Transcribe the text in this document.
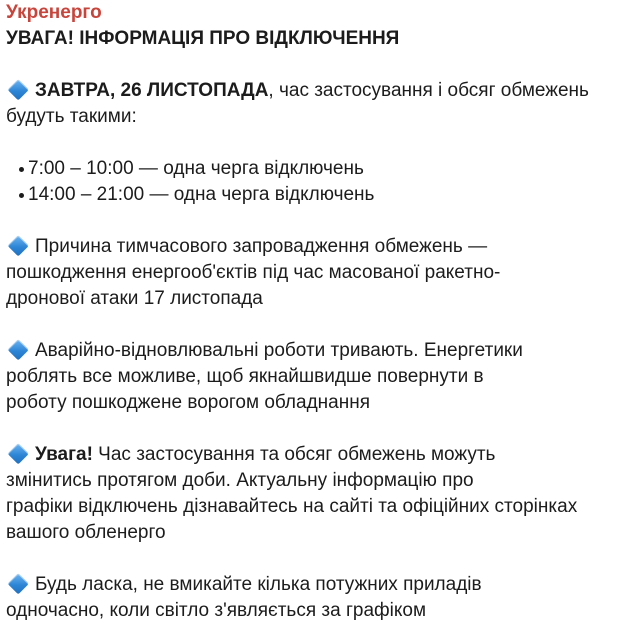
Укренерго
УВАГА! ІНФОРМАЦІЯ ПРО ВІДКЛЮЧЕННЯ
ЗАВТРА, 26 ЛИСТОПАДА, час застосування і обсяг обмежень
будуть такими:
7:00 – 10:00 — одна черга відключень
14:00 – 21:00 — одна черга відключень
Причина тимчасового запровадження обмежень —
пошкодження енергооб'єктів під час масованої ракетно-
дронової атаки 17 листопада
Аварійно-відновлювальні роботи тривають. Енергетики
роблять все можливе, щоб якнайшвидше повернути в
роботу пошкоджене ворогом обладнання
Увага! Час застосування та обсяг обмежень можуть
змінитись протягом доби. Актуальну інформацію про
графіки відключень дізнавайтесь на сайті та офіційних сторінках
вашого обленерго
Будь ласка, не вмикайте кілька потужних приладів
одночасно, коли світло з'являється за графіком
